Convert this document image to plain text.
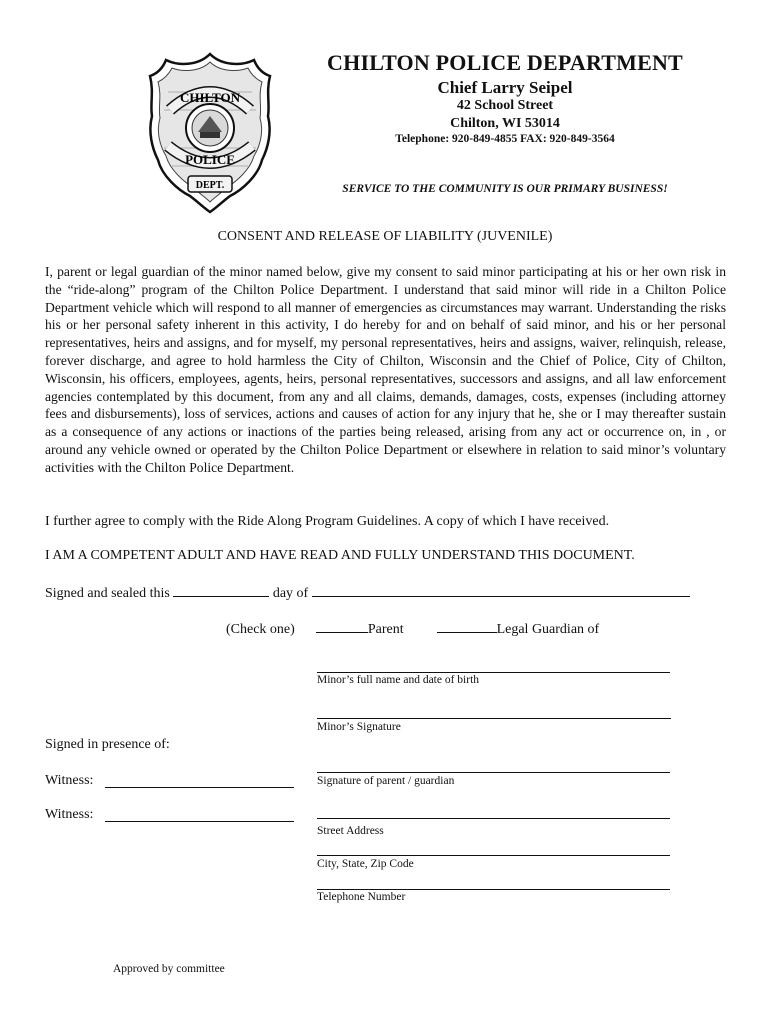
CHILTON
POLICE
DEPT.
CHILTON POLICE DEPARTMENT
Chief Larry Seipel
42 School Street
Chilton, WI 53014
Telephone: 920-849-4855 FAX: 920-849-3564
SERVICE TO THE COMMUNITY IS OUR PRIMARY BUSINESS!
CONSENT AND RELEASE OF LIABILITY (JUVENILE)
I, parent or legal guardian of the minor named below, give my consent to said minor participating at his or her own risk in the “ride-along” program of the Chilton Police Department. I understand that said minor will ride in a Chilton Police Department vehicle which will respond to all manner of emergencies as circumstances may warrant. Understanding the risks his or her personal safety inherent in this activity, I do hereby for and on behalf of said minor, and his or her personal representatives, heirs and assigns, and for myself, my personal representatives, heirs and assigns, waiver, relinquish, release, forever discharge, and agree to hold harmless the City of Chilton, Wisconsin and the Chief of Police, City of Chilton, Wisconsin, his officers, employees, agents, heirs, personal representatives, successors and assigns, and all law enforcement agencies contemplated by this document, from any and all claims, demands, damages, costs, expenses (including attorney fees and disbursements), loss of services, actions and causes of action for any injury that he, she or I may thereafter sustain as a consequence of any actions or inactions of the parties being released, arising from any act or occurrence on, in , or around any vehicle owned or operated by the Chilton Police Department or elsewhere in relation to said minor’s voluntary activities with the Chilton Police Department.
I further agree to comply with the Ride Along Program Guidelines. A copy of which I have received.
I AM A COMPETENT ADULT AND HAVE READ AND FULLY UNDERSTAND THIS DOCUMENT.
Signed and sealed this	day of
(Check one)	Parent	Legal Guardian of
Minor’s full name and date of birth
Minor’s Signature
Signature of parent / guardian
Street Address
City, State, Zip Code
Telephone Number
Signed in presence of:
Witness:
Witness:
Approved by committee
